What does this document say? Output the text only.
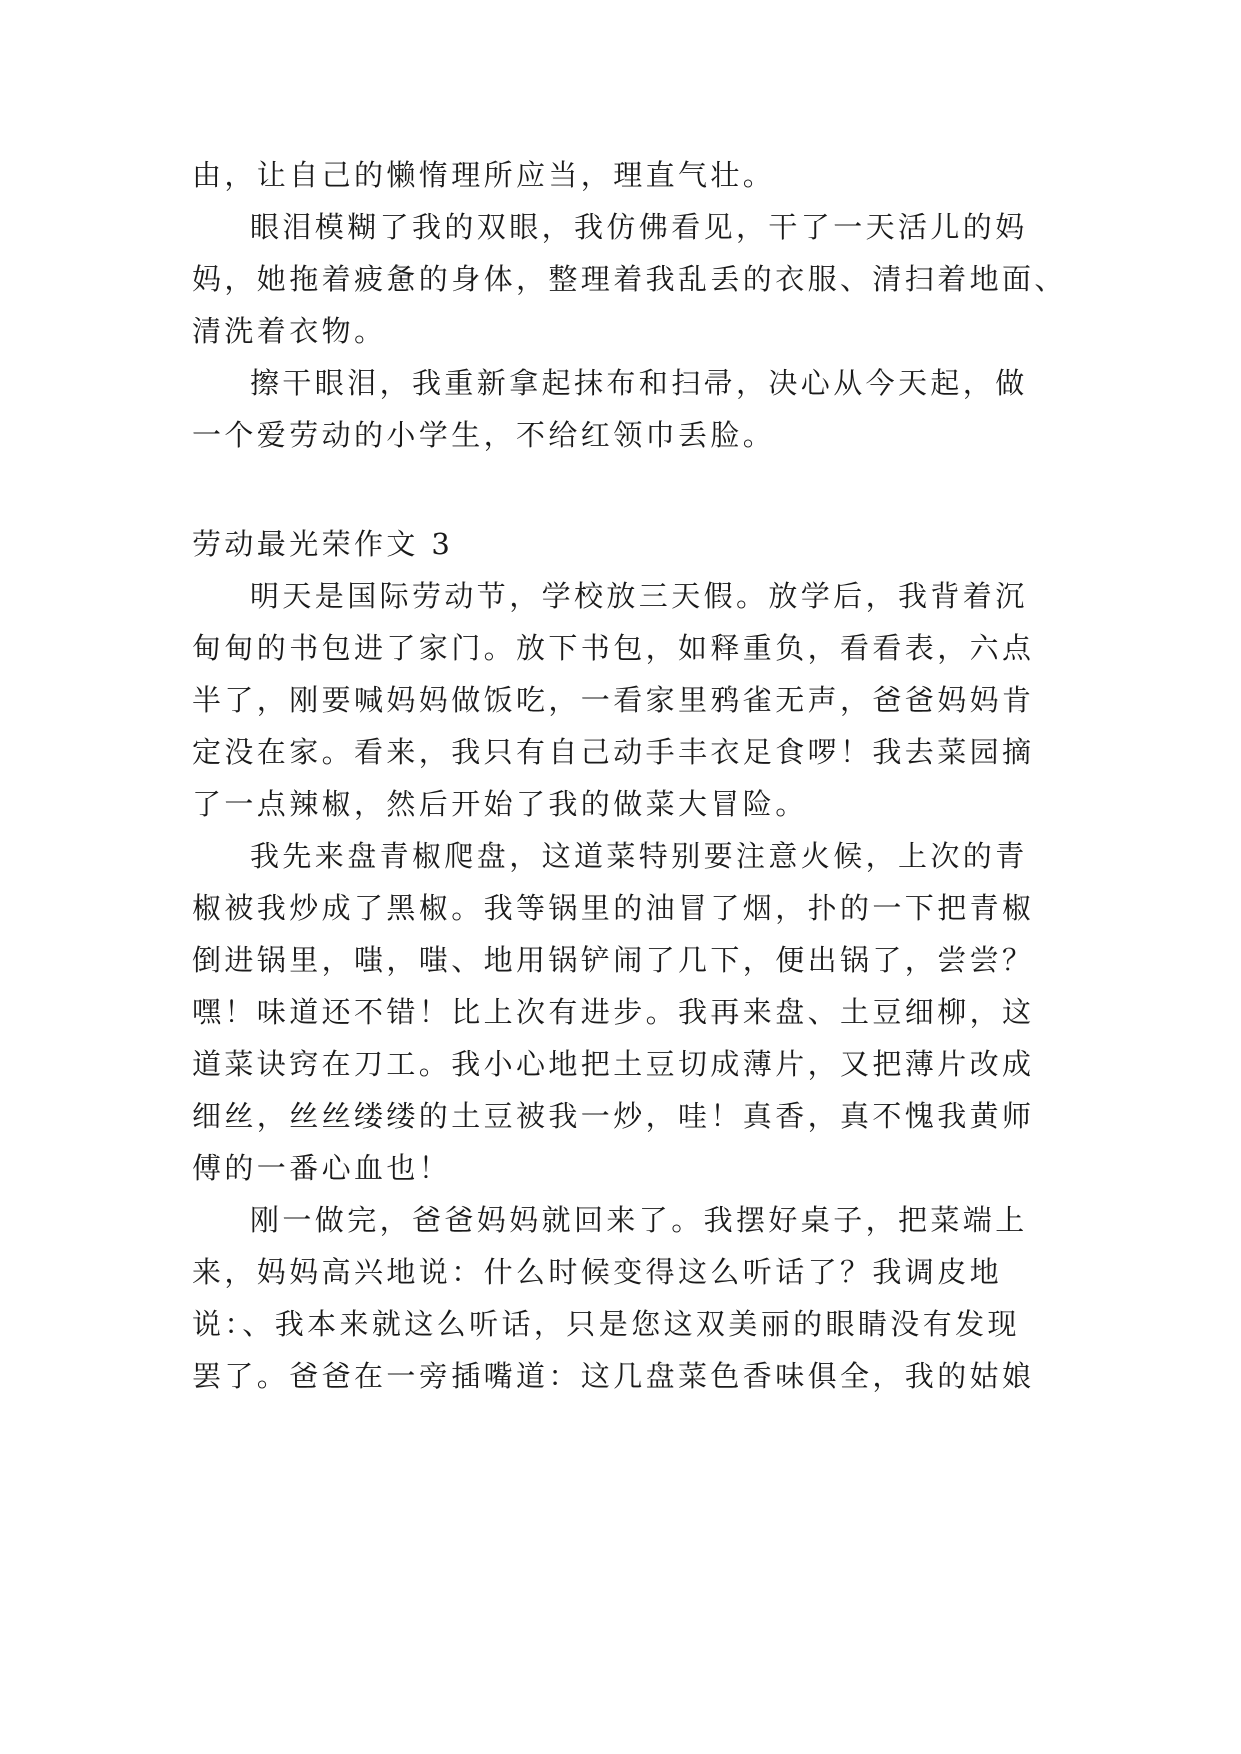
由，让自己的懒惰理所应当，理直气壮。
眼泪模糊了我的双眼，我仿佛看见，干了一天活儿的妈
妈，她拖着疲惫的身体，整理着我乱丢的衣服、清扫着地面、
清洗着衣物。
擦干眼泪，我重新拿起抹布和扫帚，决心从今天起，做
一个爱劳动的小学生，不给红领巾丢脸。
劳动最光荣作文 3
明天是国际劳动节，学校放三天假。放学后，我背着沉
甸甸的书包进了家门。放下书包，如释重负，看看表，六点
半了，刚要喊妈妈做饭吃，一看家里鸦雀无声，爸爸妈妈肯
定没在家。看来，我只有自己动手丰衣足食啰！我去菜园摘
了一点辣椒，然后开始了我的做菜大冒险。
我先来盘青椒爬盘，这道菜特别要注意火候，上次的青
椒被我炒成了黑椒。我等锅里的油冒了烟，扑的一下把青椒
倒进锅里，嗤，嗤、地用锅铲闹了几下，便出锅了，尝尝？
嘿！味道还不错！比上次有进步。我再来盘、土豆细柳，这
道菜诀窍在刀工。我小心地把土豆切成薄片，又把薄片改成
细丝，丝丝缕缕的土豆被我一炒，哇！真香，真不愧我黄师
傅的一番心血也！
刚一做完，爸爸妈妈就回来了。我摆好桌子，把菜端上
来，妈妈高兴地说：什么时候变得这么听话了？我调皮地
说：、我本来就这么听话，只是您这双美丽的眼睛没有发现
罢了。爸爸在一旁插嘴道：这几盘菜色香味俱全，我的姑娘
